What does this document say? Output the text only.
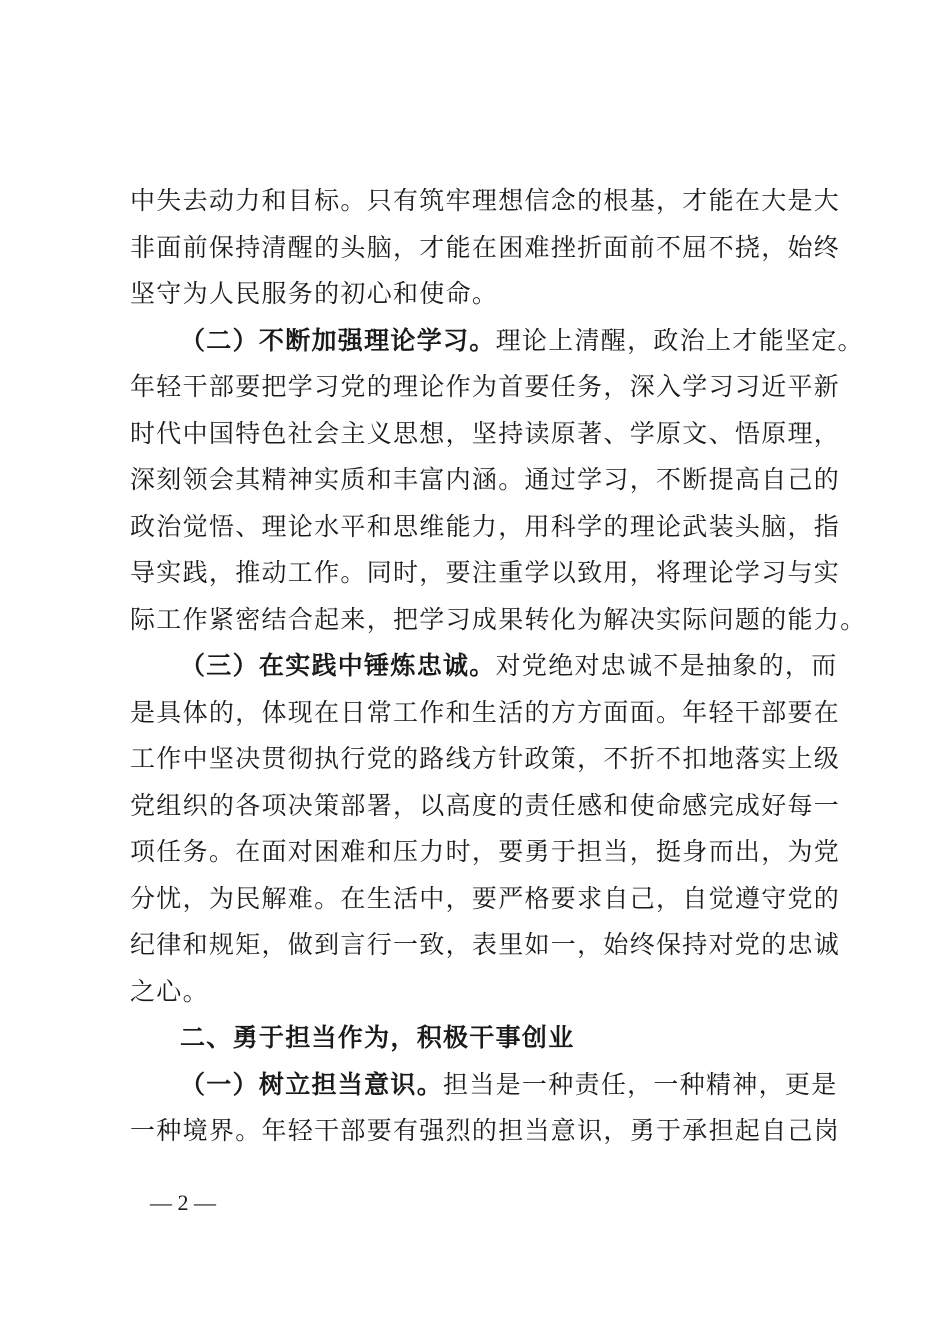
中失去动力和目标。只有筑牢理想信念的根基，才能在大是大
非面前保持清醒的头脑，才能在困难挫折面前不屈不挠，始终
坚守为人民服务的初心和使命。
（二）不断加强理论学习。理论上清醒，政治上才能坚定。
年轻干部要把学习党的理论作为首要任务，深入学习习近平新
时代中国特色社会主义思想，坚持读原著、学原文、悟原理，
深刻领会其精神实质和丰富内涵。通过学习，不断提高自己的
政治觉悟、理论水平和思维能力，用科学的理论武装头脑，指
导实践，推动工作。同时，要注重学以致用，将理论学习与实
际工作紧密结合起来，把学习成果转化为解决实际问题的能力。
（三）在实践中锤炼忠诚。对党绝对忠诚不是抽象的，而
是具体的，体现在日常工作和生活的方方面面。年轻干部要在
工作中坚决贯彻执行党的路线方针政策，不折不扣地落实上级
党组织的各项决策部署，以高度的责任感和使命感完成好每一
项任务。在面对困难和压力时，要勇于担当，挺身而出，为党
分忧，为民解难。在生活中，要严格要求自己，自觉遵守党的
纪律和规矩，做到言行一致，表里如一，始终保持对党的忠诚
之心。
二、勇于担当作为，积极干事创业
（一）树立担当意识。担当是一种责任，一种精神，更是
一种境界。年轻干部要有强烈的担当意识，勇于承担起自己岗
— 2 —
